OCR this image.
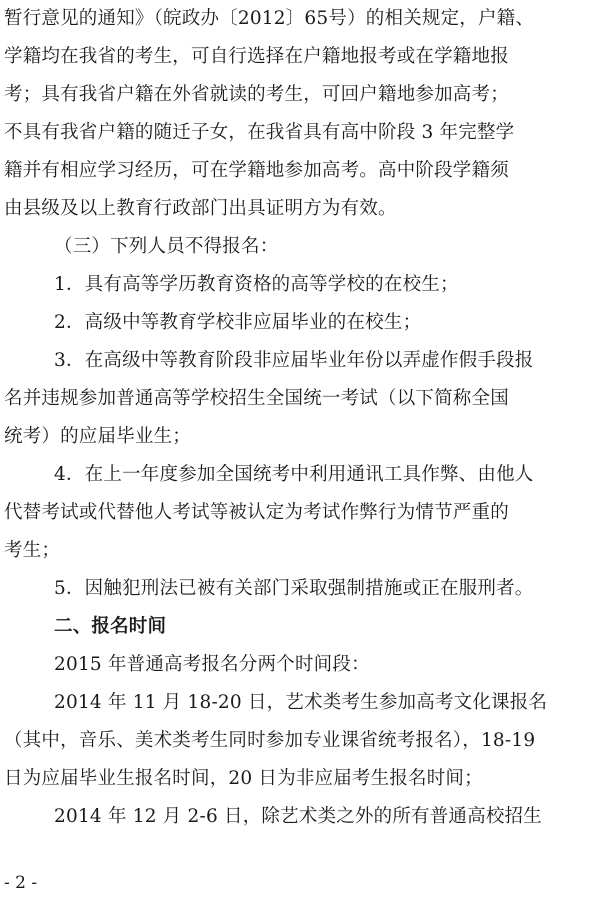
暂行意见的通知》（皖政办〔2012〕65号）的相关规定，户籍、
学籍均在我省的考生，可自行选择在户籍地报考或在学籍地报
考；具有我省户籍在外省就读的考生，可回户籍地参加高考；
不具有我省户籍的随迁子女，在我省具有高中阶段 3 年完整学
籍并有相应学习经历，可在学籍地参加高考。高中阶段学籍须
由县级及以上教育行政部门出具证明方为有效。
（三）下列人员不得报名：
1．具有高等学历教育资格的高等学校的在校生；
2．高级中等教育学校非应届毕业的在校生；
3．在高级中等教育阶段非应届毕业年份以弄虚作假手段报
名并违规参加普通高等学校招生全国统一考试（以下简称全国
统考）的应届毕业生；
4．在上一年度参加全国统考中利用通讯工具作弊、由他人
代替考试或代替他人考试等被认定为考试作弊行为情节严重的
考生；
5．因触犯刑法已被有关部门采取强制措施或正在服刑者。
二、报名时间
2015 年普通高考报名分两个时间段：
2014 年 11 月 18-20 日，艺术类考生参加高考文化课报名
（其中，音乐、美术类考生同时参加专业课省统考报名），18-19
日为应届毕业生报名时间，20 日为非应届考生报名时间；
2014 年 12 月 2-6 日，除艺术类之外的所有普通高校招生
- 2 -
